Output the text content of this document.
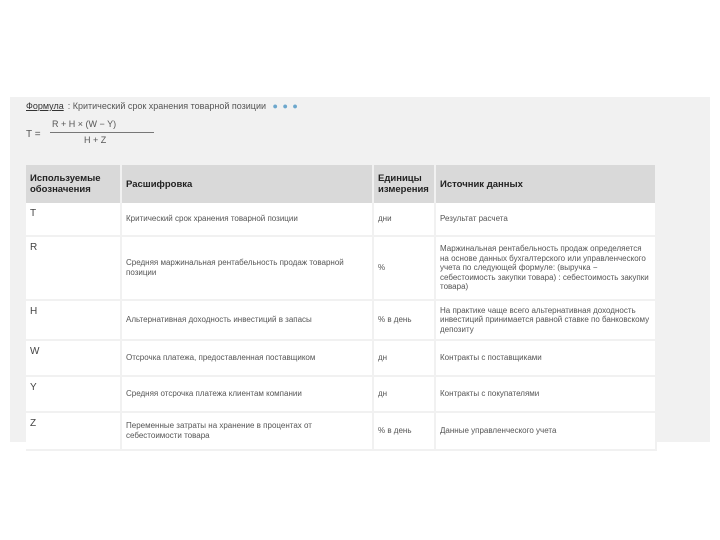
Формула : Критический срок хранения товарной позиции ● ● ●
T =
R + H × (W − Y)
H + Z
Используемые обозначения	Расшифровка	Единицы измерения	Источник данных
T	Критический срок хранения товарной позиции	дни	Результат расчета
R	Средняя маржинальная рентабельность продаж товарной позиции	%	Маржинальная рентабельность продаж определяется на основе данных бухгалтерского или управленческого учета по следующей формуле: (выручка − себестоимость закупки товара) : себестоимость закупки товара)
H	Альтернативная доходность инвестиций в запасы	% в день	На практике чаще всего альтернативная доходность инвестиций принимается равной ставке по банковскому депозиту
W	Отсрочка платежа, предоставленная поставщиком	дн	Контракты с поставщиками
Y	Средняя отсрочка платежа клиентам компании	дн	Контракты с покупателями
Z	Переменные затраты на хранение в процентах от себестоимости товара	% в день	Данные управленческого учета
